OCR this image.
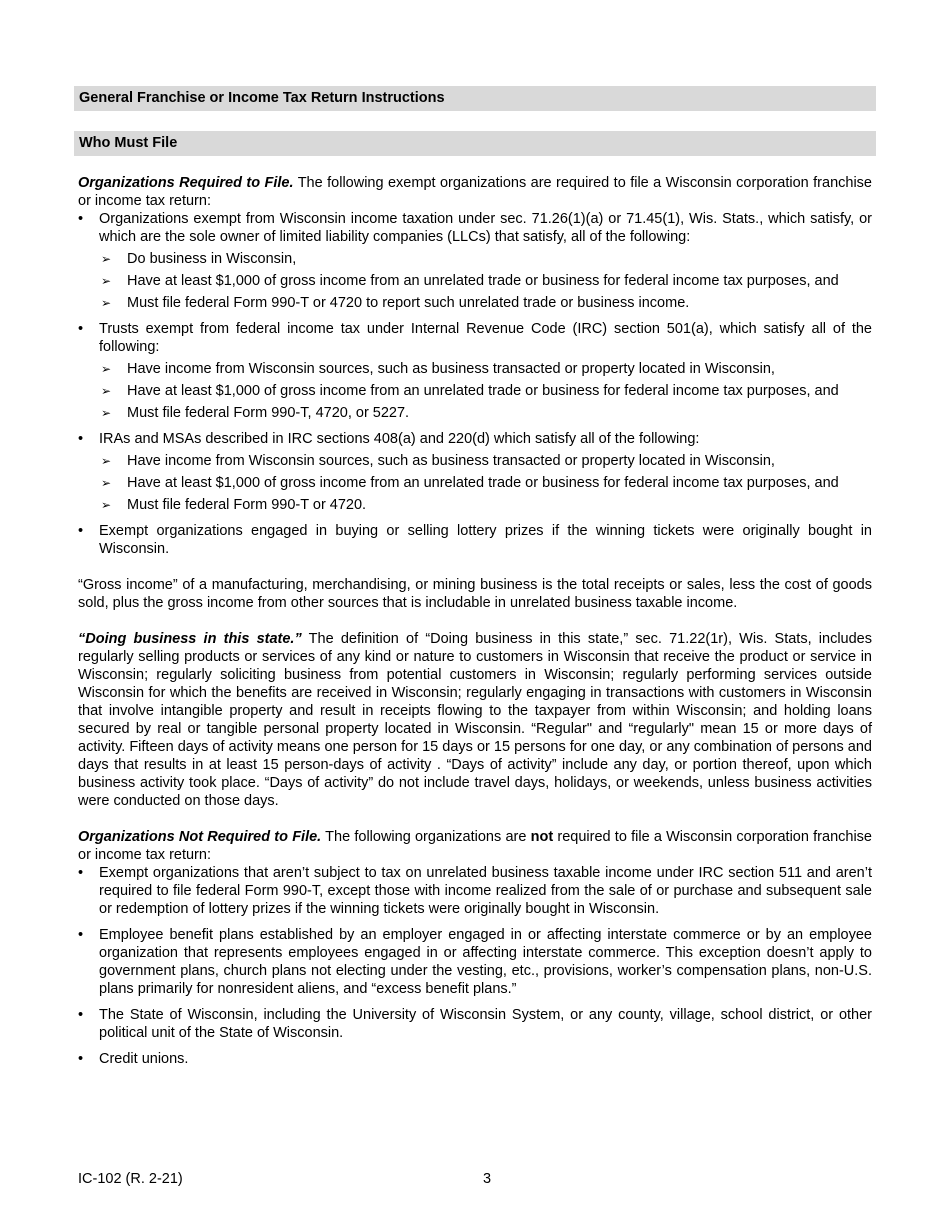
General Franchise or Income Tax Return Instructions
Who Must File

Organizations Required to File. The following exempt organizations are required to file a Wisconsin corporation franchise or income tax return:

• Organizations exempt from Wisconsin income taxation under sec. 71.26(1)(a) or 71.45(1), Wis. Stats., which satisfy, or which are the sole owner of limited liability companies (LLCs) that satisfy, all of the following:
➢ Do business in Wisconsin,
➢ Have at least $1,000 of gross income from an unrelated trade or business for federal income tax purposes, and
➢ Must file federal Form 990-T or 4720 to report such unrelated trade or business income.
• Trusts exempt from federal income tax under Internal Revenue Code (IRC) section 501(a), which satisfy all of the following:
➢ Have income from Wisconsin sources, such as business transacted or property located in Wisconsin,
➢ Have at least $1,000 of gross income from an unrelated trade or business for federal income tax purposes, and
➢ Must file federal Form 990-T, 4720, or 5227.
• IRAs and MSAs described in IRC sections 408(a) and 220(d) which satisfy all of the following:
➢ Have income from Wisconsin sources, such as business transacted or property located in Wisconsin,
➢ Have at least $1,000 of gross income from an unrelated trade or business for federal income tax purposes, and
➢ Must file federal Form 990-T or 4720.
• Exempt organizations engaged in buying or selling lottery prizes if the winning tickets were originally bought in Wisconsin.

“Gross income” of a manufacturing, merchandising, or mining business is the total receipts or sales, less the cost of goods sold, plus the gross income from other sources that is includable in unrelated business taxable income.

“Doing business in this state.” The definition of “Doing business in this state,” sec. 71.22(1r), Wis. Stats, includes regularly selling products or services of any kind or nature to customers in Wisconsin that receive the product or service in Wisconsin; regularly soliciting business from potential customers in Wisconsin; regularly performing services outside Wisconsin for which the benefits are received in Wisconsin; regularly engaging in transactions with customers in Wisconsin that involve intangible property and result in receipts flowing to the taxpayer from within Wisconsin; and holding loans secured by real or tangible personal property located in Wisconsin. “Regular" and “regularly" mean 15 or more days of activity. Fifteen days of activity means one person for 15 days or 15 persons for one day, or any combination of persons and days that results in at least 15 person-days of activity . “Days of activity” include any day, or portion thereof, upon which business activity took place. “Days of activity” do not include travel days, holidays, or weekends, unless business activities were conducted on those days.

Organizations Not Required to File. The following organizations are not required to file a Wisconsin corporation franchise or income tax return:

• Exempt organizations that aren’t subject to tax on unrelated business taxable income under IRC section 511 and aren’t required to file federal Form 990-T, except those with income realized from the sale of or purchase and subsequent sale or redemption of lottery prizes if the winning tickets were originally bought in Wisconsin.
• Employee benefit plans established by an employer engaged in or affecting interstate commerce or by an employee organization that represents employees engaged in or affecting interstate commerce. This exception doesn’t apply to government plans, church plans not electing under the vesting, etc., provisions, worker’s compensation plans, non-U.S. plans primarily for nonresident aliens, and “excess benefit plans.”
• The State of Wisconsin, including the University of Wisconsin System, or any county, village, school district, or other political unit of the State of Wisconsin.
• Credit unions.
IC-102 (R. 2-21)	3
